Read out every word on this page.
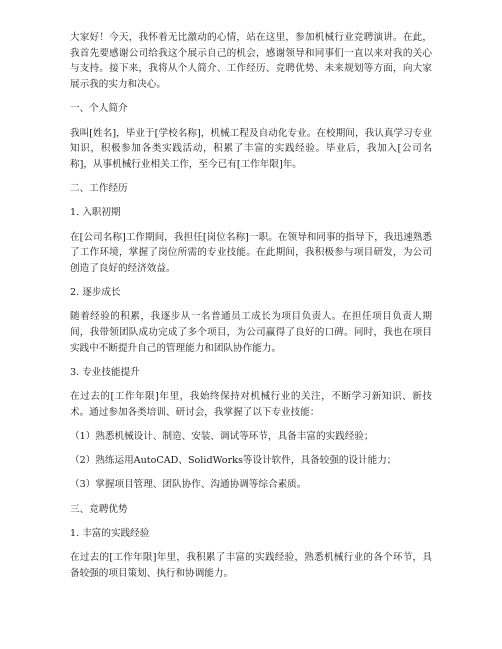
大家好！今天，我怀着无比激动的心情，站在这里，参加机械行业竞聘演讲。在此，我首先要感谢公司给我这个展示自己的机会，感谢领导和同事们一直以来对我的关心与支持。接下来，我将从个人简介、工作经历、竞聘优势、未来规划等方面，向大家展示我的实力和决心。

一、个人简介

我叫[姓名]，毕业于[学校名称]，机械工程及自动化专业。在校期间，我认真学习专业知识，积极参加各类实践活动，积累了丰富的实践经验。毕业后，我加入[公司名称]，从事机械行业相关工作，至今已有[工作年限]年。

二、工作经历

1. 入职初期

在[公司名称]工作期间，我担任[岗位名称]一职。在领导和同事的指导下，我迅速熟悉了工作环境，掌握了岗位所需的专业技能。在此期间，我积极参与项目研发，为公司创造了良好的经济效益。

2. 逐步成长

随着经验的积累，我逐步从一名普通员工成长为项目负责人。在担任项目负责人期间，我带领团队成功完成了多个项目，为公司赢得了良好的口碑。同时，我也在项目实践中不断提升自己的管理能力和团队协作能力。

3. 专业技能提升

在过去的[工作年限]年里，我始终保持对机械行业的关注，不断学习新知识、新技术。通过参加各类培训、研讨会，我掌握了以下专业技能：

（1）熟悉机械设计、制造、安装、调试等环节，具备丰富的实践经验；

（2）熟练运用AutoCAD、SolidWorks等设计软件，具备较强的设计能力；

（3）掌握项目管理、团队协作、沟通协调等综合素质。

三、竞聘优势

1. 丰富的实践经验

在过去的[工作年限]年里，我积累了丰富的实践经验，熟悉机械行业的各个环节，具备较强的项目策划、执行和协调能力。
